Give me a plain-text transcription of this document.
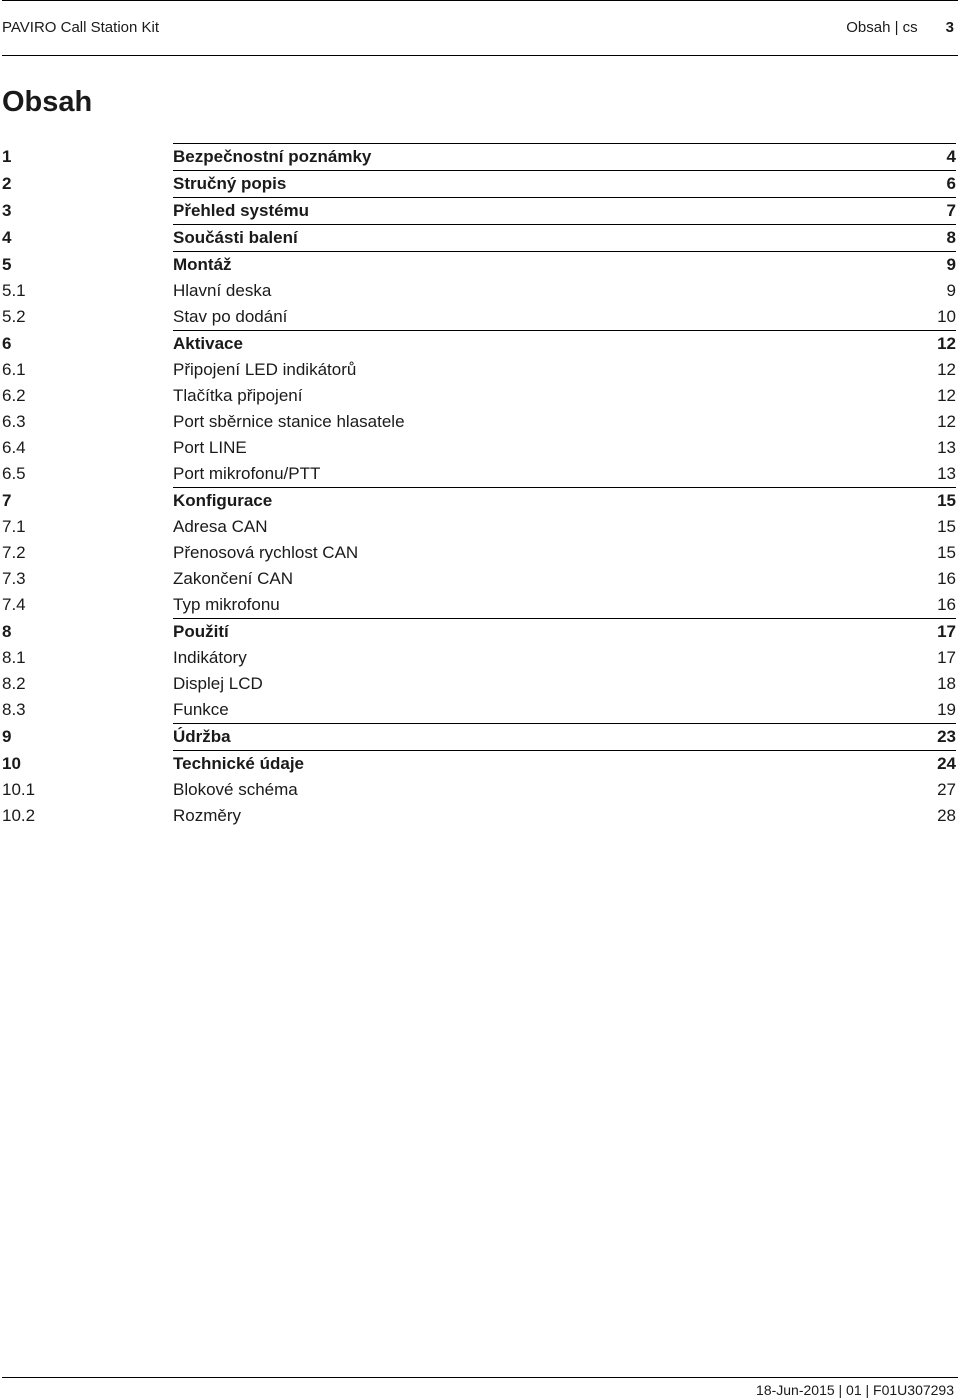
PAVIRO Call Station Kit	Obsah | cs 3
Obsah
1	Bezpečnostní poznámky	4
2	Stručný popis	6
3	Přehled systému	7
4	Součásti balení	8
5	Montáž	9
5.1	Hlavní deska	9
5.2	Stav po dodání	10
6	Aktivace	12
6.1	Připojení LED indikátorů	12
6.2	Tlačítka připojení	12
6.3	Port sběrnice stanice hlasatele	12
6.4	Port LINE	13
6.5	Port mikrofonu/PTT	13
7	Konfigurace	15
7.1	Adresa CAN	15
7.2	Přenosová rychlost CAN	15
7.3	Zakončení CAN	16
7.4	Typ mikrofonu	16
8	Použití	17
8.1	Indikátory	17
8.2	Displej LCD	18
8.3	Funkce	19
9	Údržba	23
10	Technické údaje	24
10.1	Blokové schéma	27
10.2	Rozměry	28
18-Jun-2015 | 01 | F01U307293
